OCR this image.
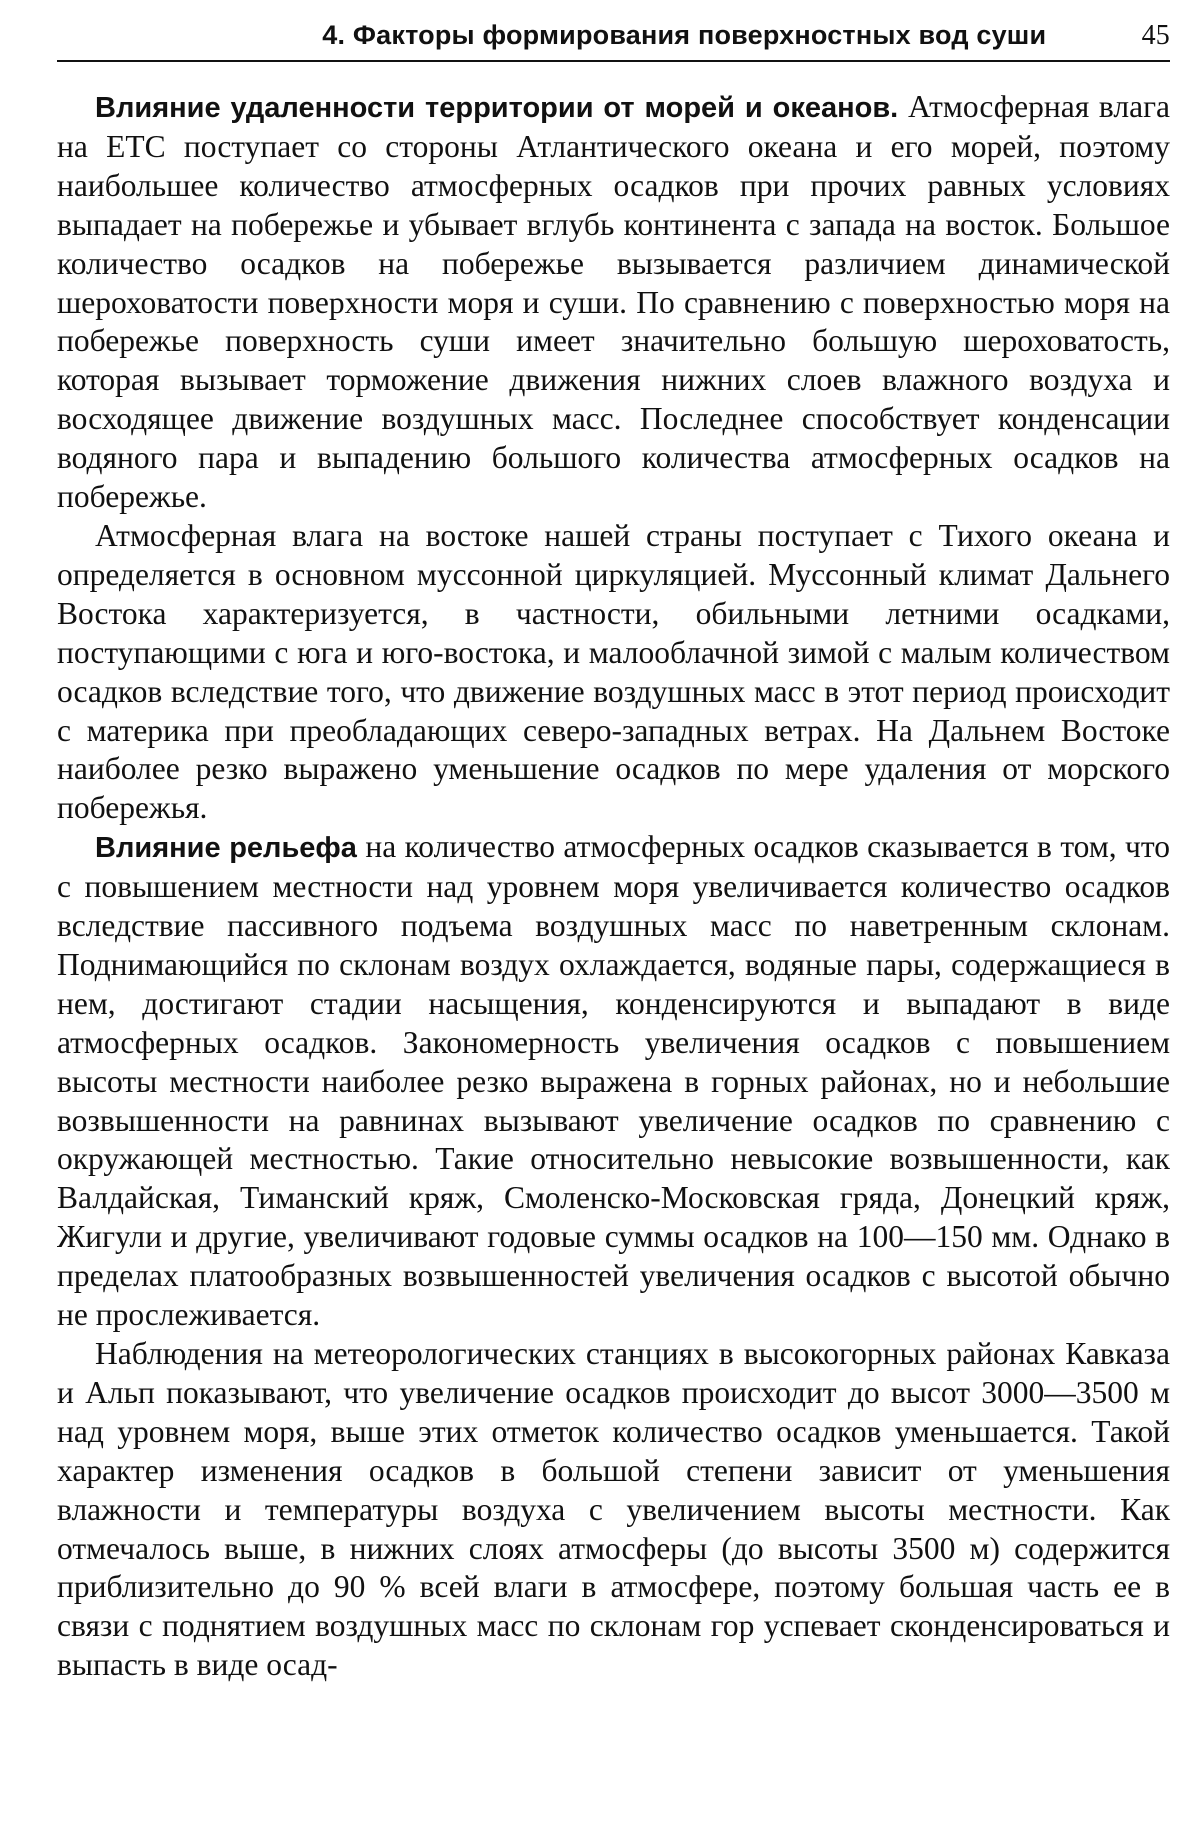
4. Факторы формирования поверхностных вод суши	45

Влияние удаленности территории от морей и океанов. Атмосферная влага на ЕТС поступает со стороны Атлантического океана и его морей, поэтому наибольшее количество атмосферных осадков при прочих равных условиях выпадает на побережье и убывает вглубь континента с запада на восток. Большое количество осадков на побережье вызывается различием динамической шероховатости поверхности моря и суши. По сравнению с поверхностью моря на побережье поверхность суши имеет значительно большую шероховатость, которая вызывает торможение движения нижних слоев влажного воздуха и восходящее движение воздушных масс. Последнее способствует конденсации водяного пара и выпадению большого количества атмосферных осадков на побережье.

Атмосферная влага на востоке нашей страны поступает с Тихого океана и определяется в основном муссонной циркуляцией. Муссонный климат Дальнего Востока характеризуется, в частности, обильными летними осадками, поступающими с юга и юго-востока, и малооблачной зимой с малым количеством осадков вследствие того, что движение воздушных масс в этот период происходит с материка при преобладающих северо-западных ветрах. На Дальнем Востоке наиболее резко выражено уменьшение осадков по мере удаления от морского побережья.

Влияние рельефа на количество атмосферных осадков сказывается в том, что с повышением местности над уровнем моря увеличивается количество осадков вследствие пассивного подъема воздушных масс по наветренным склонам. Поднимающийся по склонам воздух охлаждается, водяные пары, содержащиеся в нем, достигают стадии насыщения, конденсируются и выпадают в виде атмосферных осадков. Закономерность увеличения осадков с повышением высоты местности наиболее резко выражена в горных районах, но и небольшие возвышенности на равнинах вызывают увеличение осадков по сравнению с окружающей местностью. Такие относительно невысокие возвышенности, как Валдайская, Тиманский кряж, Смоленско-Московская гряда, Донецкий кряж, Жигули и другие, увеличивают годовые суммы осадков на 100—150 мм. Однако в пределах платообразных возвышенностей увеличения осадков с высотой обычно не прослеживается.

Наблюдения на метеорологических станциях в высокогорных районах Кавказа и Альп показывают, что увеличение осадков происходит до высот 3000—3500 м над уровнем моря, выше этих отметок количество осадков уменьшается. Такой характер изменения осадков в большой степени зависит от уменьшения влажности и температуры воздуха с увеличением высоты местности. Как отмечалось выше, в нижних слоях атмосферы (до высоты 3500 м) содержится приблизительно до 90 % всей влаги в атмосфере, поэтому большая часть ее в связи с поднятием воздушных масс по склонам гор успевает сконденсироваться и выпасть в виде осад-
